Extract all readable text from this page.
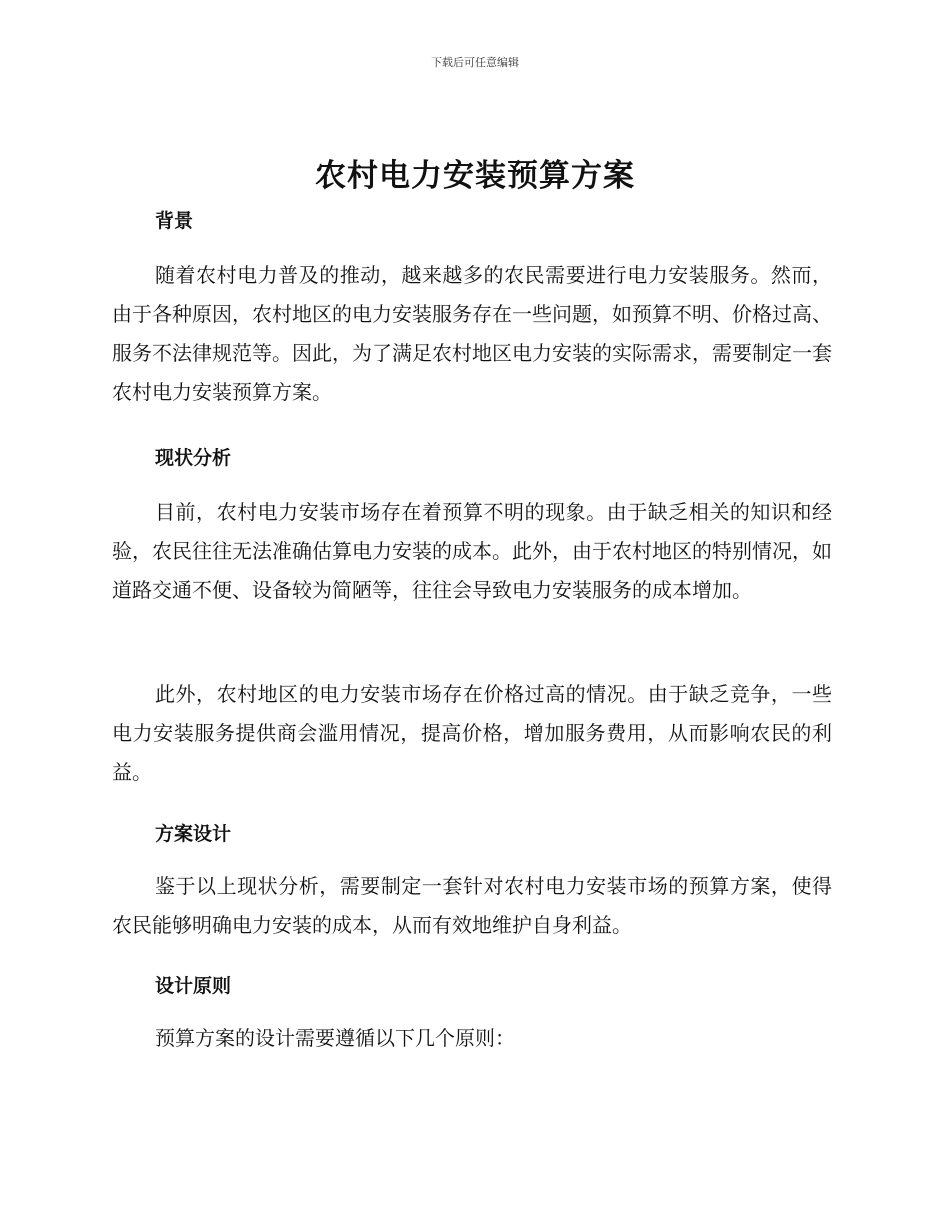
下载后可任意编辑
农村电力安装预算方案
背景

随着农村电力普及的推动，越来越多的农民需要进行电力安装服务。然而，由于各种原因，农村地区的电力安装服务存在一些问题，如预算不明、价格过高、服务不法律规范等。因此，为了满足农村地区电力安装的实际需求，需要制定一套农村电力安装预算方案。

现状分析

目前，农村电力安装市场存在着预算不明的现象。由于缺乏相关的知识和经验，农民往往无法准确估算电力安装的成本。此外，由于农村地区的特别情况，如道路交通不便、设备较为简陋等，往往会导致电力安装服务的成本增加。

此外，农村地区的电力安装市场存在价格过高的情况。由于缺乏竞争，一些电力安装服务提供商会滥用情况，提高价格，增加服务费用，从而影响农民的利益。

方案设计

鉴于以上现状分析，需要制定一套针对农村电力安装市场的预算方案，使得农民能够明确电力安装的成本，从而有效地维护自身利益。

设计原则

预算方案的设计需要遵循以下几个原则：
